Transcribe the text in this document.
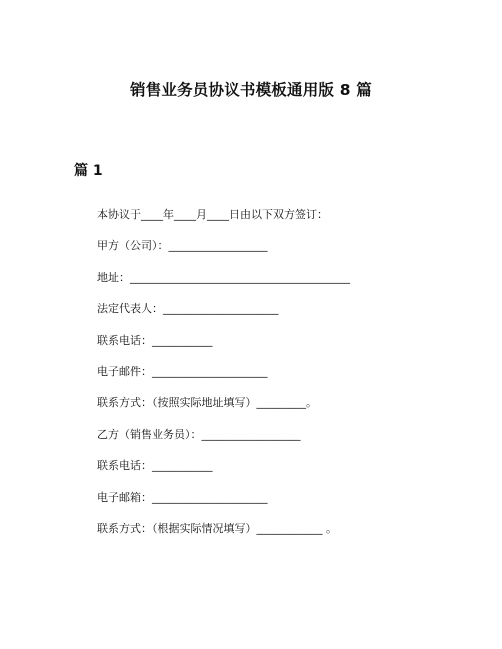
销售业务员协议书模板通用版 8 篇
篇 1
本协议于____年____月____日由以下双方签订：
甲方（公司）：__________________
地址：________________________________________
法定代表人：_____________________
联系电话：___________
电子邮件：_____________________
联系方式：（按照实际地址填写）_________。
乙方（销售业务员）：__________________
联系电话：___________
电子邮箱：_____________________
联系方式：（根据实际情况填写）____________ 。
